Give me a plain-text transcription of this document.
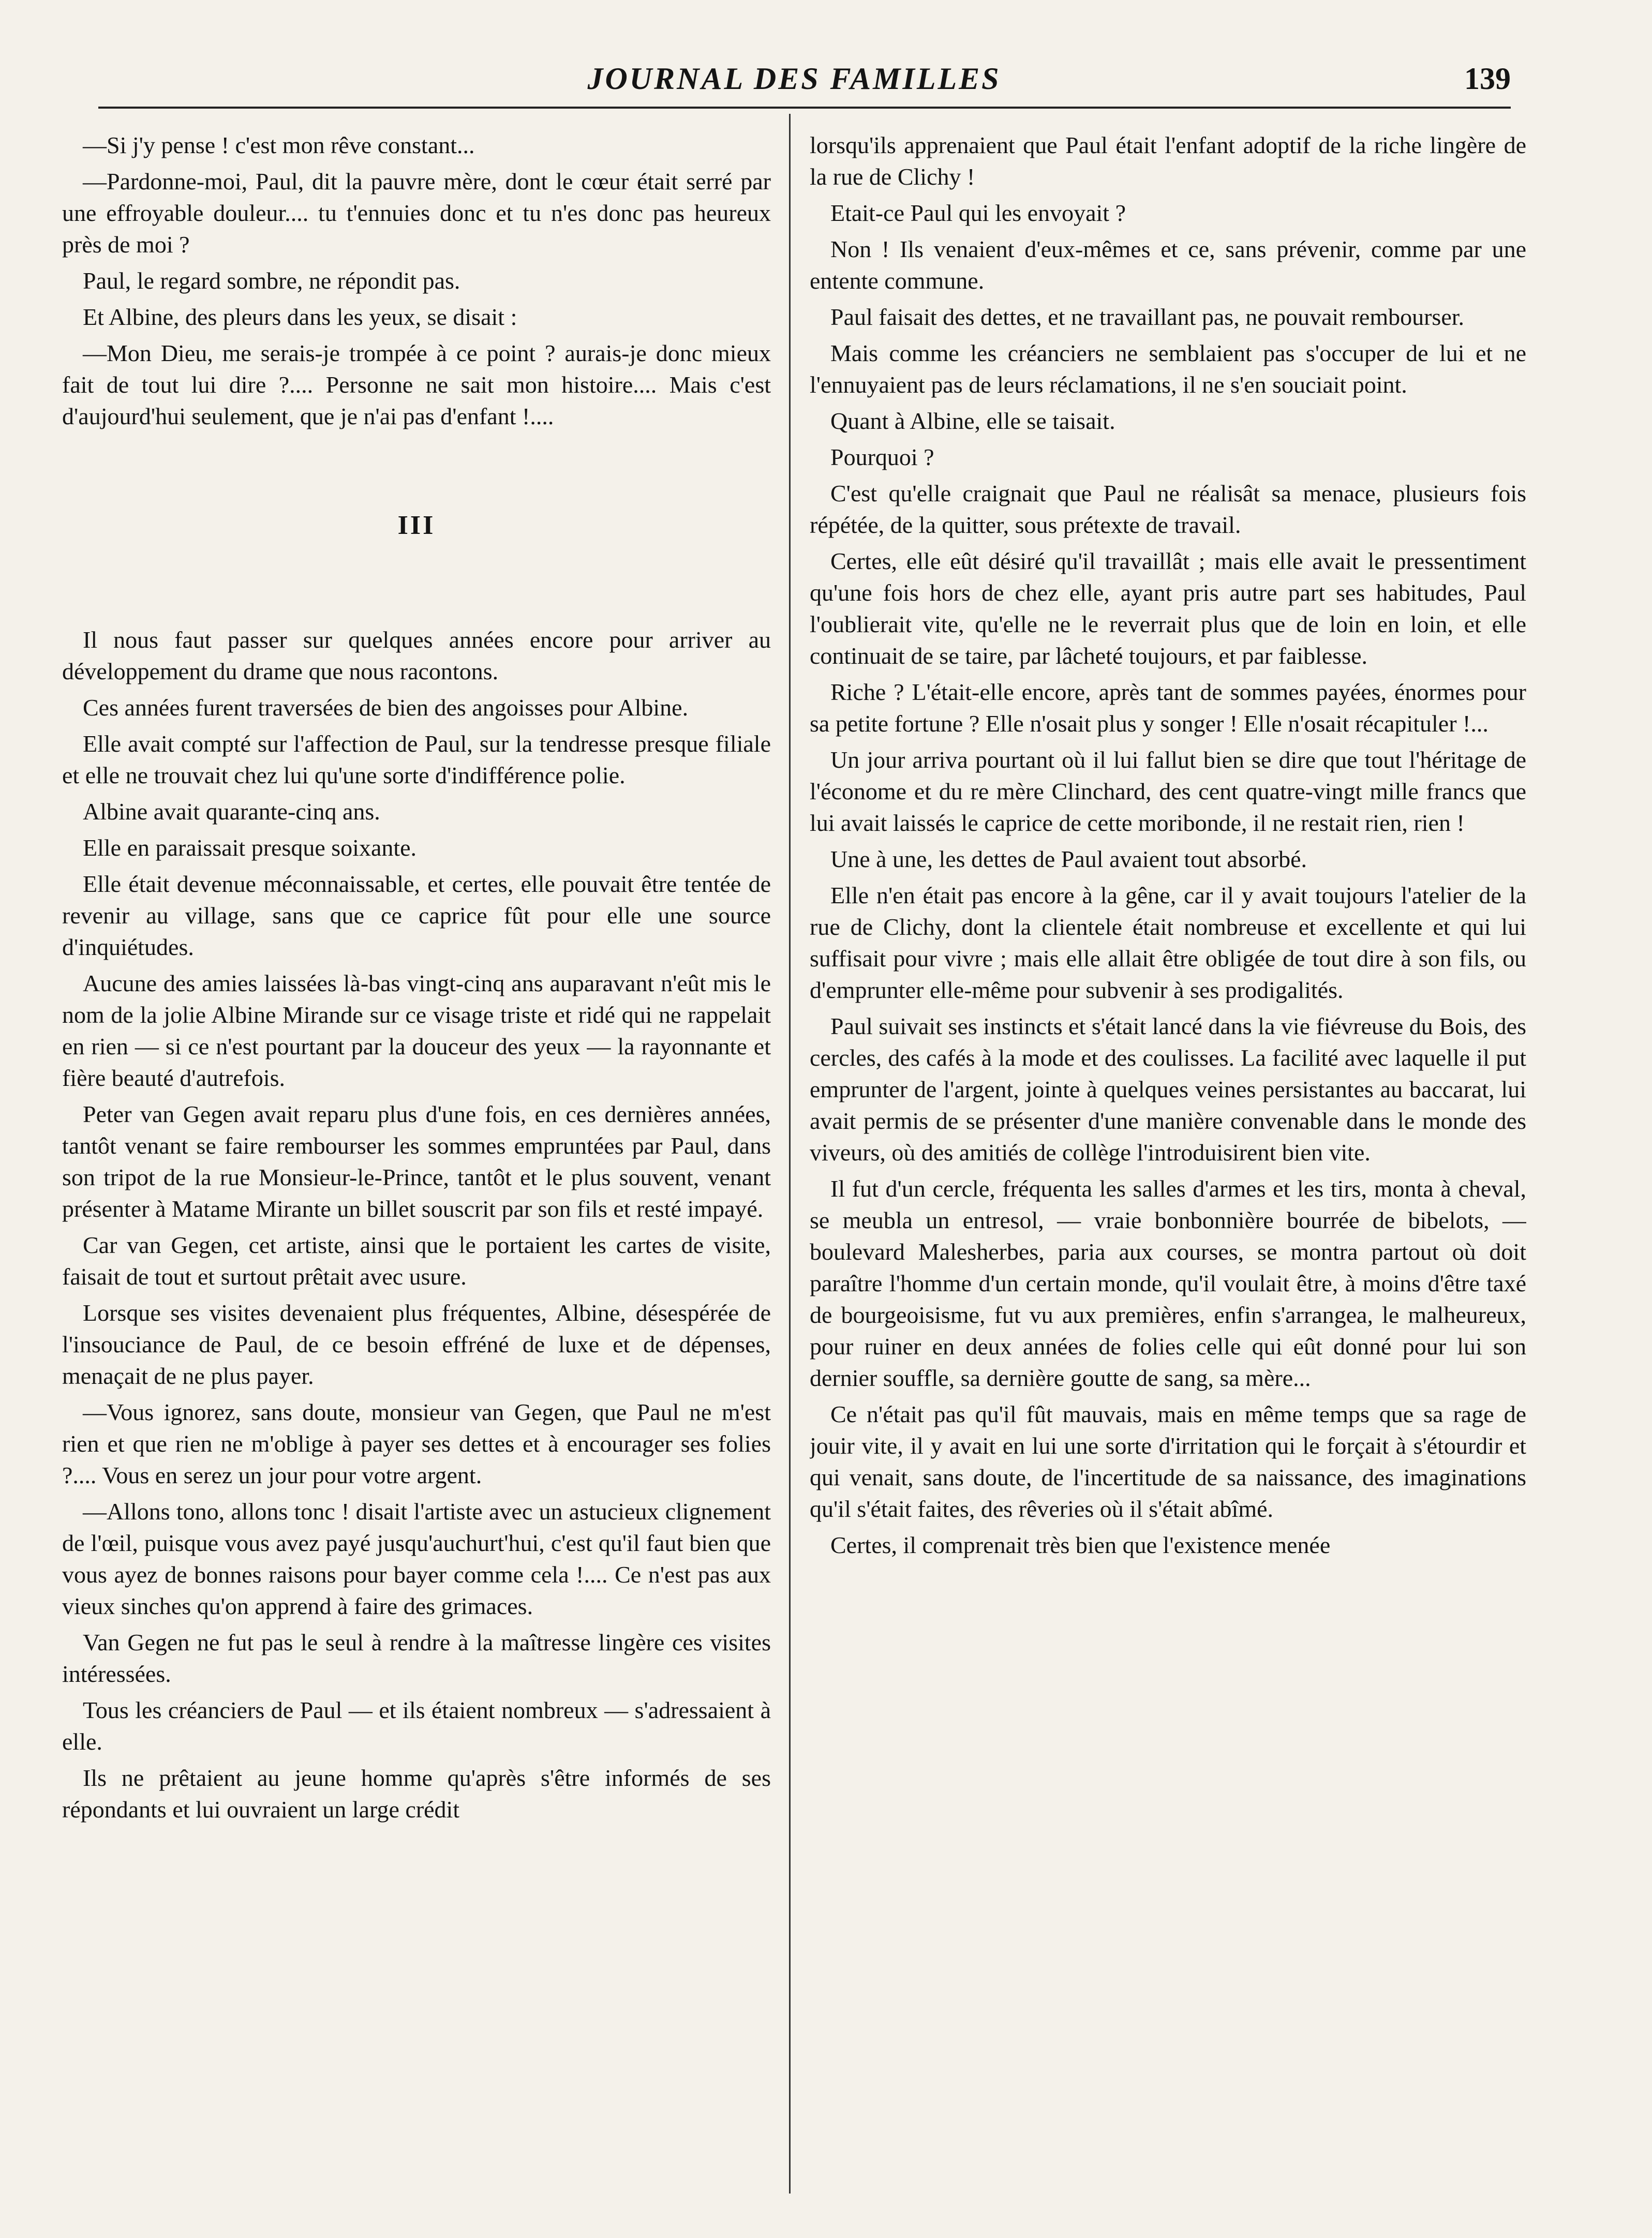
JOURNAL DES FAMILLES	139

—Si j'y pense ! c'est mon rêve constant...

—Pardonne-moi, Paul, dit la pauvre mère, dont le cœur était serré par une effroyable douleur.... tu t'ennuies donc et tu n'es donc pas heureux près de moi ?

Paul, le regard sombre, ne répondit pas.

Et Albine, des pleurs dans les yeux, se disait :

—Mon Dieu, me serais-je trompée à ce point ? aurais-je donc mieux fait de tout lui dire ?.... Personne ne sait mon histoire.... Mais c'est d'aujourd'hui seulement, que je n'ai pas d'enfant !....

III

Il nous faut passer sur quelques années encore pour arriver au développement du drame que nous racontons.

Ces années furent traversées de bien des angoisses pour Albine.

Elle avait compté sur l'affection de Paul, sur la tendresse presque filiale et elle ne trouvait chez lui qu'une sorte d'indifférence polie.

Albine avait quarante-cinq ans.

Elle en paraissait presque soixante.

Elle était devenue méconnaissable, et certes, elle pouvait être tentée de revenir au village, sans que ce caprice fût pour elle une source d'inquiétudes.

Aucune des amies laissées là-bas vingt-cinq ans auparavant n'eût mis le nom de la jolie Albine Mirande sur ce visage triste et ridé qui ne rappelait en rien — si ce n'est pourtant par la douceur des yeux — la rayonnante et fière beauté d'autrefois.

Peter van Gegen avait reparu plus d'une fois, en ces dernières années, tantôt venant se faire rembourser les sommes empruntées par Paul, dans son tripot de la rue Monsieur-le-Prince, tantôt et le plus souvent, venant présenter à Matame Mirante un billet souscrit par son fils et resté impayé.

Car van Gegen, cet artiste, ainsi que le portaient les cartes de visite, faisait de tout et surtout prêtait avec usure.

Lorsque ses visites devenaient plus fréquentes, Albine, désespérée de l'insouciance de Paul, de ce besoin effréné de luxe et de dépenses, menaçait de ne plus payer.

—Vous ignorez, sans doute, monsieur van Gegen, que Paul ne m'est rien et que rien ne m'oblige à payer ses dettes et à encourager ses folies ?.... Vous en serez un jour pour votre argent.

—Allons tono, allons tonc ! disait l'artiste avec un astucieux clignement de l'œil, puisque vous avez payé jusqu'auchurt'hui, c'est qu'il faut bien que vous ayez de bonnes raisons pour bayer comme cela !.... Ce n'est pas aux vieux sinches qu'on apprend à faire des grimaces.

Van Gegen ne fut pas le seul à rendre à la maîtresse lingère ces visites intéressées.

Tous les créanciers de Paul — et ils étaient nombreux — s'adressaient à elle.

Ils ne prêtaient au jeune homme qu'après s'être informés de ses répondants et lui ouvraient un large crédit

lorsqu'ils apprenaient que Paul était l'enfant adoptif de la riche lingère de la rue de Clichy !

Etait-ce Paul qui les envoyait ?

Non ! Ils venaient d'eux-mêmes et ce, sans prévenir, comme par une entente commune.

Paul faisait des dettes, et ne travaillant pas, ne pouvait rembourser.

Mais comme les créanciers ne semblaient pas s'occuper de lui et ne l'ennuyaient pas de leurs réclamations, il ne s'en souciait point.

Quant à Albine, elle se taisait.

Pourquoi ?

C'est qu'elle craignait que Paul ne réalisât sa menace, plusieurs fois répétée, de la quitter, sous prétexte de travail.

Certes, elle eût désiré qu'il travaillât ; mais elle avait le pressentiment qu'une fois hors de chez elle, ayant pris autre part ses habitudes, Paul l'oublierait vite, qu'elle ne le reverrait plus que de loin en loin, et elle continuait de se taire, par lâcheté toujours, et par faiblesse.

Riche ? L'était-elle encore, après tant de sommes payées, énormes pour sa petite fortune ? Elle n'osait plus y songer ! Elle n'osait récapituler !...

Un jour arriva pourtant où il lui fallut bien se dire que tout l'héritage de l'économe et du re mère Clinchard, des cent quatre-vingt mille francs que lui avait laissés le caprice de cette moribonde, il ne restait rien, rien !

Une à une, les dettes de Paul avaient tout absorbé.

Elle n'en était pas encore à la gêne, car il y avait toujours l'atelier de la rue de Clichy, dont la clientele était nombreuse et excellente et qui lui suffisait pour vivre ; mais elle allait être obligée de tout dire à son fils, ou d'emprunter elle-même pour subvenir à ses prodigalités.

Paul suivait ses instincts et s'était lancé dans la vie fiévreuse du Bois, des cercles, des cafés à la mode et des coulisses. La facilité avec laquelle il put emprunter de l'argent, jointe à quelques veines persistantes au baccarat, lui avait permis de se présenter d'une manière convenable dans le monde des viveurs, où des amitiés de collège l'introduisirent bien vite.

Il fut d'un cercle, fréquenta les salles d'armes et les tirs, monta à cheval, se meubla un entresol, — vraie bonbonnière bourrée de bibelots, — boulevard Malesherbes, paria aux courses, se montra partout où doit paraître l'homme d'un certain monde, qu'il voulait être, à moins d'être taxé de bourgeoisisme, fut vu aux premières, enfin s'arrangea, le malheureux, pour ruiner en deux années de folies celle qui eût donné pour lui son dernier souffle, sa dernière goutte de sang, sa mère...

Ce n'était pas qu'il fût mauvais, mais en même temps que sa rage de jouir vite, il y avait en lui une sorte d'irritation qui le forçait à s'étourdir et qui venait, sans doute, de l'incertitude de sa naissance, des imaginations qu'il s'était faites, des rêveries où il s'était abîmé.

Certes, il comprenait très bien que l'existence menée
